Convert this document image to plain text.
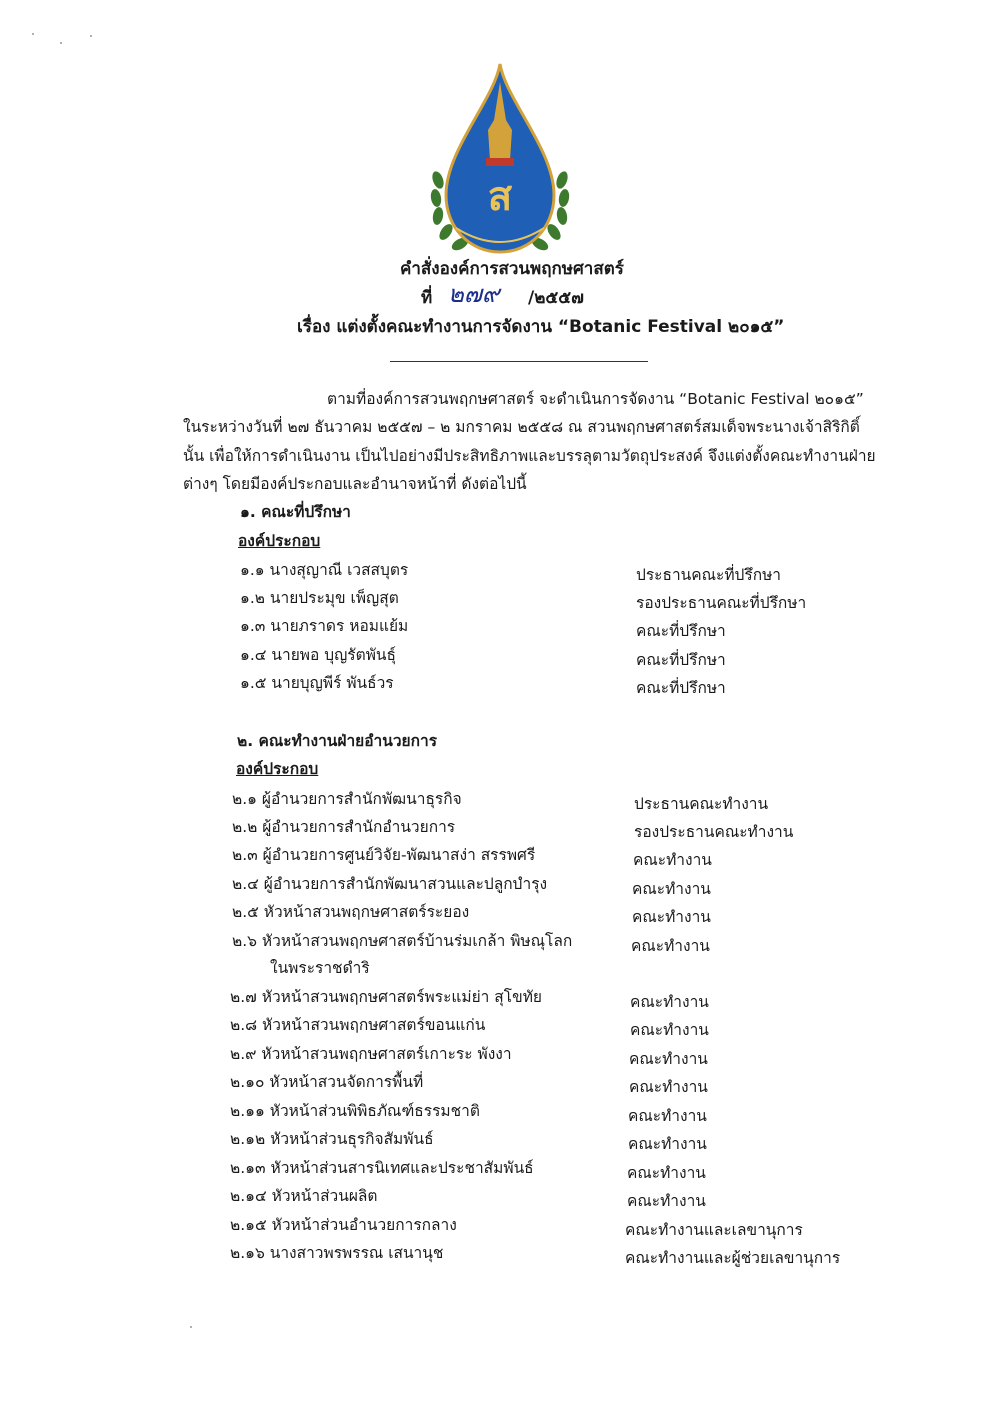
ส
คำสั่งองค์การสวนพฤกษศาสตร์
ที่ ๒๗๙ /๒๕๕๗
เรื่อง แต่งตั้งคณะทำงานการจัดงาน “Botanic Festival ๒๐๑๕”
ตามที่องค์การสวนพฤกษศาสตร์ จะดำเนินการจัดงาน “Botanic Festival ๒๐๑๕”
ในระหว่างวันที่ ๒๗ ธันวาคม ๒๕๕๗ – ๒ มกราคม ๒๕๕๘ ณ สวนพฤกษศาสตร์สมเด็จพระนางเจ้าสิริกิติ์
นั้น เพื่อให้การดำเนินงาน เป็นไปอย่างมีประสิทธิภาพและบรรลุตามวัตถุประสงค์ จึงแต่งตั้งคณะทำงานฝ่าย
ต่างๆ โดยมีองค์ประกอบและอำนาจหน้าที่ ดังต่อไปนี้
๑. คณะที่ปรึกษา
องค์ประกอบ
๑.๑ นางสุญาณี เวสสบุตร	ประธานคณะที่ปรึกษา
๑.๒ นายประมุข เพ็ญสุต	รองประธานคณะที่ปรึกษา
๑.๓ นายภราดร หอมแย้ม	คณะที่ปรึกษา
๑.๔ นายพอ บุญรัตพันธุ์	คณะที่ปรึกษา
๑.๕ นายบุญพีร์ พันธ์วร	คณะที่ปรึกษา
๒. คณะทำงานฝ่ายอำนวยการ
องค์ประกอบ
๒.๑ ผู้อำนวยการสำนักพัฒนาธุรกิจ	ประธานคณะทำงาน
๒.๒ ผู้อำนวยการสำนักอำนวยการ	รองประธานคณะทำงาน
๒.๓ ผู้อำนวยการศูนย์วิจัย-พัฒนาสง่า สรรพศรี	คณะทำงาน
๒.๔ ผู้อำนวยการสำนักพัฒนาสวนและปลูกบำรุง	คณะทำงาน
๒.๕ หัวหน้าสวนพฤกษศาสตร์ระยอง	คณะทำงาน
๒.๖ หัวหน้าสวนพฤกษศาสตร์บ้านร่มเกล้า พิษณุโลก	คณะทำงาน
ในพระราชดำริ
๒.๗ หัวหน้าสวนพฤกษศาสตร์พระแม่ย่า สุโขทัย	คณะทำงาน
๒.๘ หัวหน้าสวนพฤกษศาสตร์ขอนแก่น	คณะทำงาน
๒.๙ หัวหน้าสวนพฤกษศาสตร์เกาะระ พังงา	คณะทำงาน
๒.๑๐ หัวหน้าสวนจัดการพื้นที่	คณะทำงาน
๒.๑๑ หัวหน้าส่วนพิพิธภัณฑ์ธรรมชาติ	คณะทำงาน
๒.๑๒ หัวหน้าส่วนธุรกิจสัมพันธ์	คณะทำงาน
๒.๑๓ หัวหน้าส่วนสารนิเทศและประชาสัมพันธ์	คณะทำงาน
๒.๑๔ หัวหน้าส่วนผลิต	คณะทำงาน
๒.๑๕ หัวหน้าส่วนอำนวยการกลาง	คณะทำงานและเลขานุการ
๒.๑๖ นางสาวพรพรรณ เสนานุช	คณะทำงานและผู้ช่วยเลขานุการ
